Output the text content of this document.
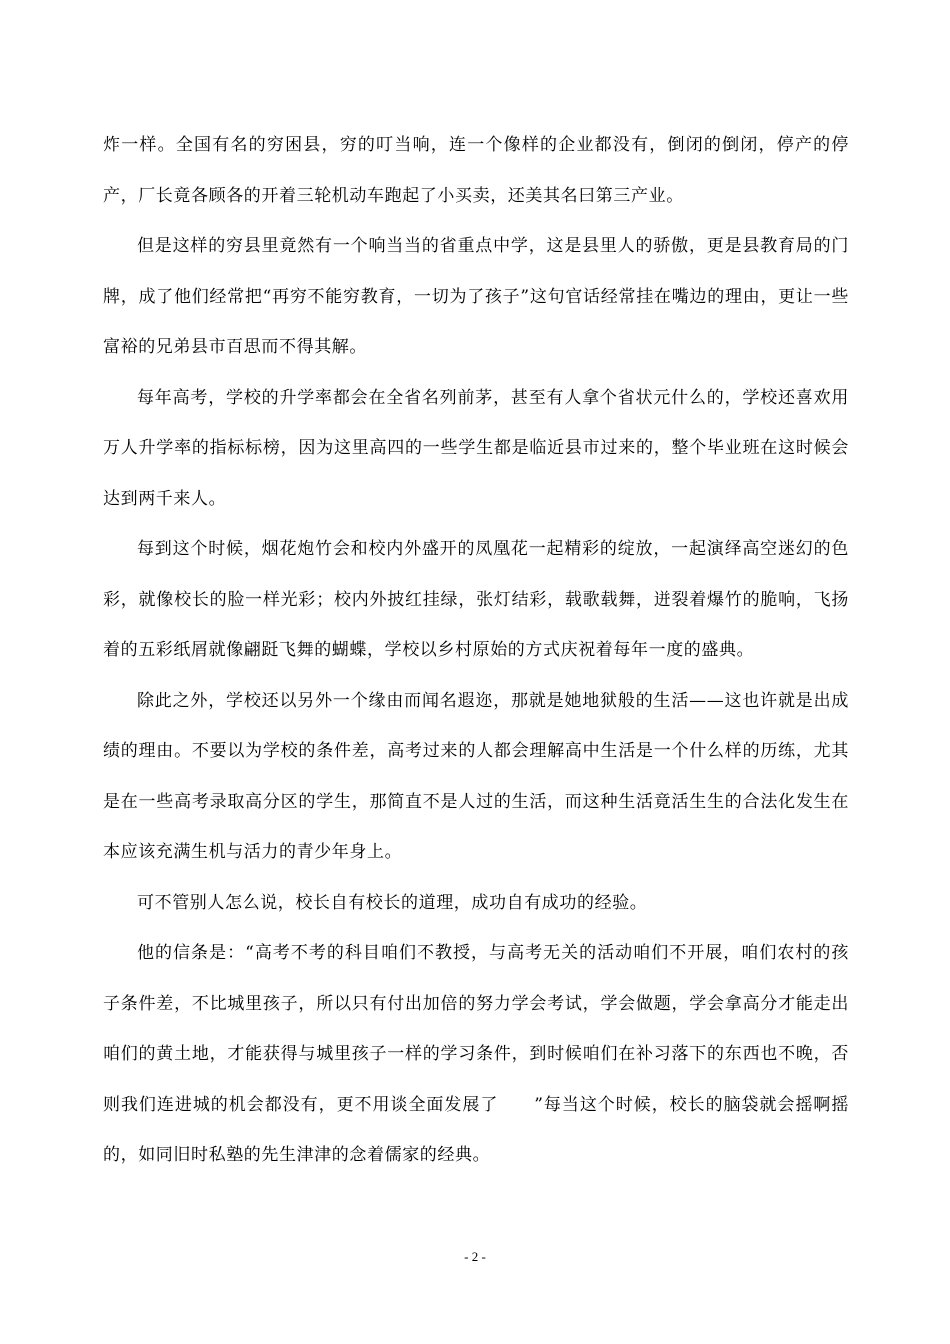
炸一样。全国有名的穷困县，穷的叮当响，连一个像样的企业都没有，倒闭的倒闭，停产的停产，厂长竟各顾各的开着三轮机动车跑起了小买卖，还美其名曰第三产业。

但是这样的穷县里竟然有一个响当当的省重点中学，这是县里人的骄傲，更是县教育局的门牌，成了他们经常把“再穷不能穷教育，一切为了孩子”这句官话经常挂在嘴边的理由，更让一些富裕的兄弟县市百思而不得其解。

每年高考，学校的升学率都会在全省名列前茅，甚至有人拿个省状元什么的，学校还喜欢用万人升学率的指标标榜，因为这里高四的一些学生都是临近县市过来的，整个毕业班在这时候会达到两千来人。

每到这个时候，烟花炮竹会和校内外盛开的凤凰花一起精彩的绽放，一起演绎高空迷幻的色彩，就像校长的脸一样光彩；校内外披红挂绿，张灯结彩，载歌载舞，迸裂着爆竹的脆响，飞扬着的五彩纸屑就像翩跹飞舞的蝴蝶，学校以乡村原始的方式庆祝着每年一度的盛典。

除此之外，学校还以另外一个缘由而闻名遐迩，那就是她地狱般的生活——这也许就是出成绩的理由。不要以为学校的条件差，高考过来的人都会理解高中生活是一个什么样的历练，尤其是在一些高考录取高分区的学生，那简直不是人过的生活，而这种生活竟活生生的合法化发生在本应该充满生机与活力的青少年身上。

可不管别人怎么说，校长自有校长的道理，成功自有成功的经验。

他的信条是：“高考不考的科目咱们不教授，与高考无关的活动咱们不开展，咱们农村的孩子条件差，不比城里孩子，所以只有付出加倍的努力学会考试，学会做题，学会拿高分才能走出咱们的黄土地，才能获得与城里孩子一样的学习条件，到时候咱们在补习落下的东西也不晚，否则我们连进城的机会都没有，更不用谈全面发展了　　”每当这个时候，校长的脑袋就会摇啊摇的，如同旧时私塾的先生津津的念着儒家的经典。

- 2 -
